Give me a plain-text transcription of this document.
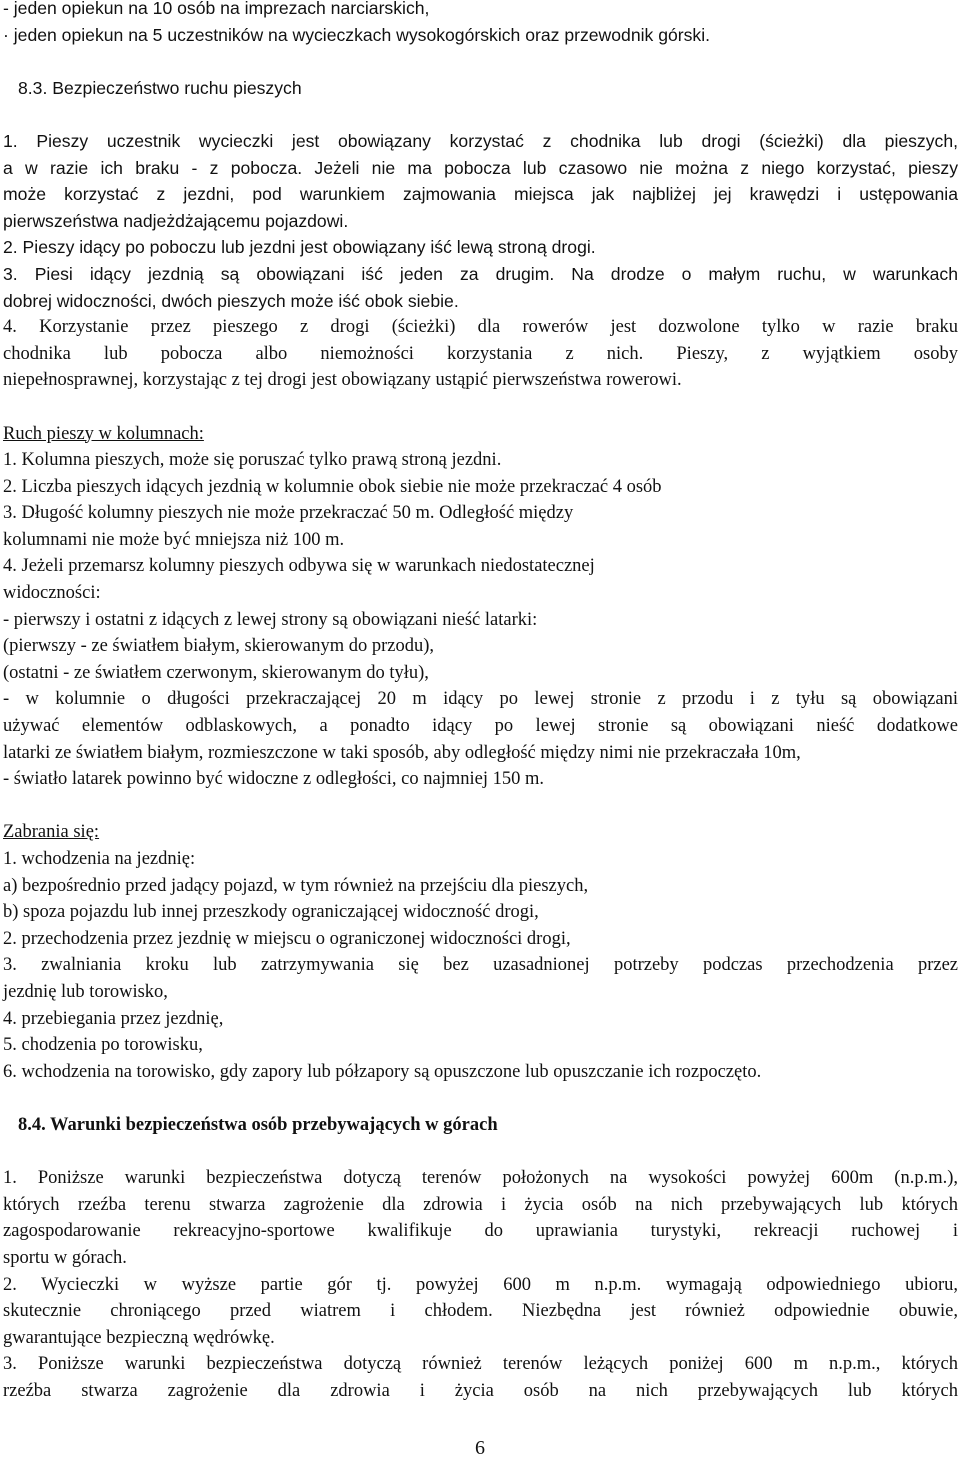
- jeden opiekun na 10 osób na imprezach narciarskich,
· jeden opiekun na 5 uczestników na wycieczkach wysokogórskich oraz przewodnik górski.
8.3. Bezpieczeństwo ruchu pieszych
1. Pieszy uczestnik wycieczki jest obowiązany korzystać z chodnika lub drogi (ścieżki) dla pieszych,
a w razie ich braku - z pobocza. Jeżeli nie ma pobocza lub czasowo nie można z niego korzystać, pieszy
może korzystać z jezdni, pod warunkiem zajmowania miejsca jak najbliżej jej krawędzi i ustępowania
pierwszeństwa nadjeżdżającemu pojazdowi.
2. Pieszy idący po poboczu lub jezdni jest obowiązany iść lewą stroną drogi.
3. Piesi idący jezdnią są obowiązani iść jeden za drugim. Na drodze o małym ruchu, w warunkach
dobrej widoczności, dwóch pieszych może iść obok siebie.
4. Korzystanie przez pieszego z drogi (ścieżki) dla rowerów jest dozwolone tylko w razie braku
chodnika lub pobocza albo niemożności korzystania z nich. Pieszy, z wyjątkiem osoby
niepełnosprawnej, korzystając z tej drogi jest obowiązany ustąpić pierwszeństwa rowerowi.
Ruch pieszy w kolumnach:
1. Kolumna pieszych, może się poruszać tylko prawą stroną jezdni.
2. Liczba pieszych idących jezdnią w kolumnie obok siebie nie może przekraczać 4 osób
3. Długość kolumny pieszych nie może przekraczać 50 m. Odległość między
kolumnami nie może być mniejsza niż 100 m.
4. Jeżeli przemarsz kolumny pieszych odbywa się w warunkach niedostatecznej
widoczności:
- pierwszy i ostatni z idących z lewej strony są obowiązani nieść latarki:
(pierwszy - ze światłem białym, skierowanym do przodu),
(ostatni - ze światłem czerwonym, skierowanym do tyłu),
- w kolumnie o długości przekraczającej 20 m idący po lewej stronie z przodu i z tyłu są obowiązani
używać elementów odblaskowych, a ponadto idący po lewej stronie są obowiązani nieść dodatkowe
latarki ze światłem białym, rozmieszczone w taki sposób, aby odległość między nimi nie przekraczała 10m,
- światło latarek powinno być widoczne z odległości, co najmniej 150 m.
Zabrania się:
1. wchodzenia na jezdnię:
a) bezpośrednio przed jadący pojazd, w tym również na przejściu dla pieszych,
b) spoza pojazdu lub innej przeszkody ograniczającej widoczność drogi,
2. przechodzenia przez jezdnię w miejscu o ograniczonej widoczności drogi,
3. zwalniania kroku lub zatrzymywania się bez uzasadnionej potrzeby podczas przechodzenia przez
jezdnię lub torowisko,
4. przebiegania przez jezdnię,
5. chodzenia po torowisku,
6. wchodzenia na torowisko, gdy zapory lub półzapory są opuszczone lub opuszczanie ich rozpoczęto.
8.4. Warunki bezpieczeństwa osób przebywających w górach
1. Poniższe warunki bezpieczeństwa dotyczą terenów położonych na wysokości powyżej 600m (n.p.m.),
których rzeźba terenu stwarza zagrożenie dla zdrowia i życia osób na nich przebywających lub których
zagospodarowanie rekreacyjno-sportowe kwalifikuje do uprawiania turystyki, rekreacji ruchowej i
sportu w górach.
2. Wycieczki w wyższe partie gór tj. powyżej 600 m n.p.m. wymagają odpowiedniego ubioru,
skutecznie chroniącego przed wiatrem i chłodem. Niezbędna jest również odpowiednie obuwie,
gwarantujące bezpieczną wędrówkę.
3. Poniższe warunki bezpieczeństwa dotyczą również terenów leżących poniżej 600 m n.p.m., których
rzeźba stwarza zagrożenie dla zdrowia i życia osób na nich przebywających lub których
6
